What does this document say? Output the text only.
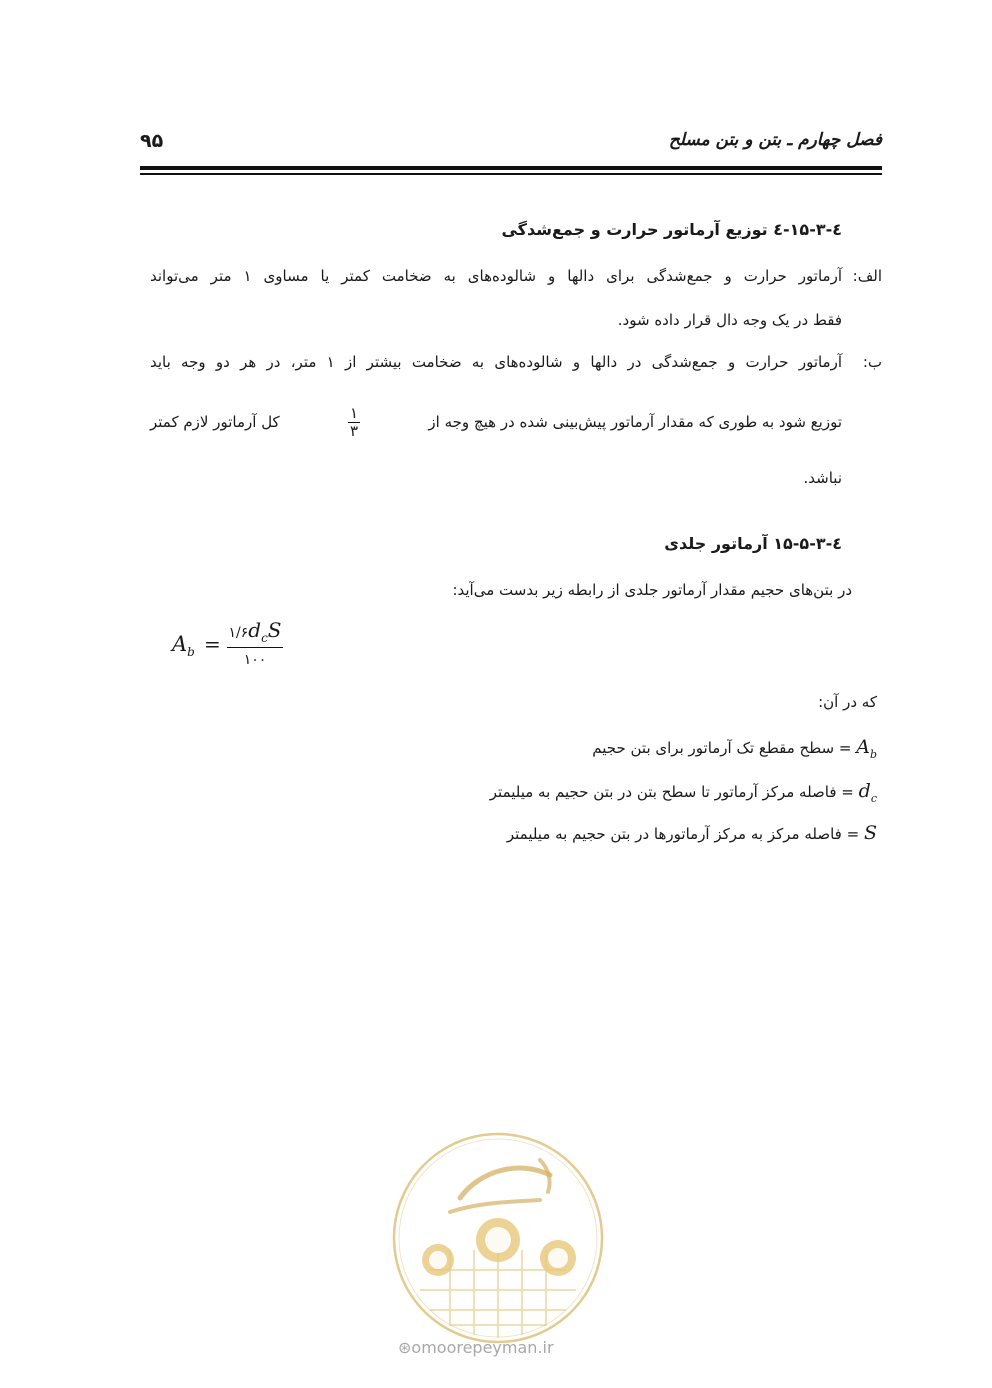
فصل چهارم ـ بتن و بتن مسلح
۹۵
٤-٣-۱۵-٤ توزیع آرماتور حرارت و جمع‌شدگی
الف:
آرماتور حرارت و جمع‌شدگی برای دالها و شالوده‌های به ضخامت کمتر یا مساوی ۱ متر می‌تواند
فقط در یک وجه دال قرار داده شود.
ب:
آرماتور حرارت و جمع‌شدگی در دالها و شالوده‌های به ضخامت بیشتر از ۱ متر، در هر دو وجه باید
توزیع شود به طوری که مقدار آرماتور پیش‌بینی شده در هیچ وجه از
$\frac{۱}{۳}$
کل آرماتور لازم کمتر
نباشد.
٤-٣-۱۵-۵ آرماتور جلدی
در بتن‌های حجیم مقدار آرماتور جلدی از رابطه زیر بدست می‌آید:
$A_b$ = $۱/۶d_cS$
۱۰۰
که در آن:
$A_b$ = سطح مقطع تک آرماتور برای بتن حجیم
$d_c$ = فاصله مرکز آرماتور تا سطح بتن در بتن حجیم به میلیمتر
S = فاصله مرکز به مرکز آرماتورها در بتن حجیم به میلیمتر
⊛omoorepeyman.ir
